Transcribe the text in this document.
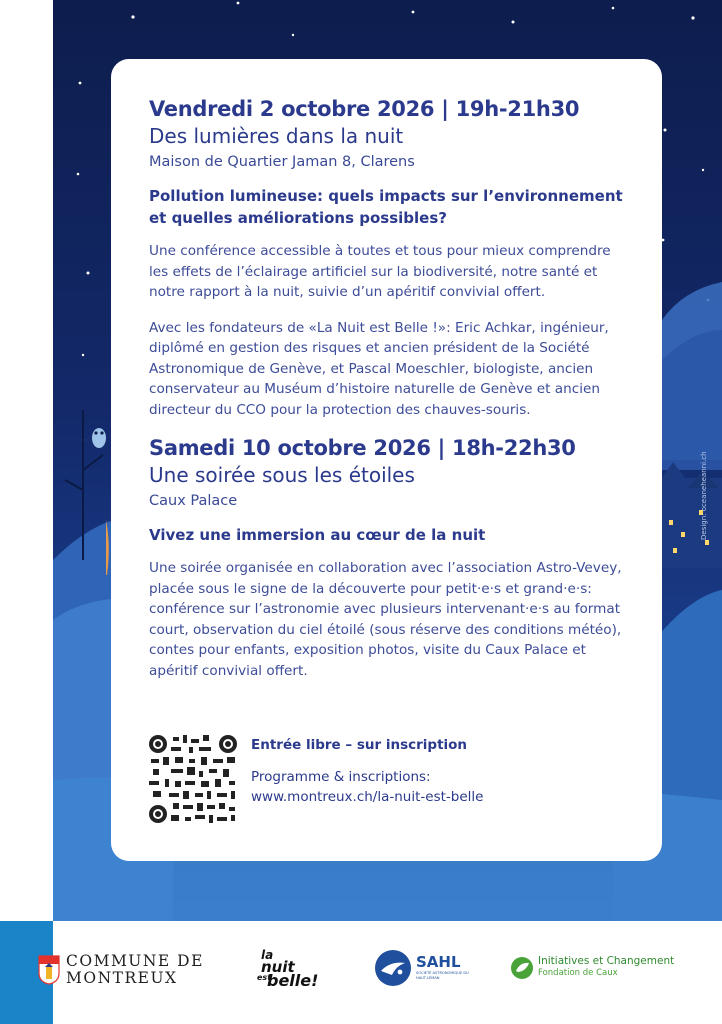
Design: oceaneheanni.ch
Vendredi 2 octobre 2026 | 19h-21h30
Des lumières dans la nuit
Maison de Quartier Jaman 8, Clarens
Pollution lumineuse: quels impacts sur l’environnement et quelles améliorations possibles?
Une conférence accessible à toutes et tous pour mieux comprendre les effets de l’éclairage artificiel sur la biodiversité, notre santé et notre rapport à la nuit, suivie d’un apéritif convivial offert.
Avec les fondateurs de «La Nuit est Belle !»: Eric Achkar, ingénieur, diplômé en gestion des risques et ancien président de la Société Astronomique de Genève, et Pascal Moeschler, biologiste, ancien conservateur au Muséum d’histoire naturelle de Genève et ancien directeur du CCO pour la protection des chauves-souris.
Samedi 10 octobre 2026 | 18h-22h30
Une soirée sous les étoiles
Caux Palace
Vivez une immersion au cœur de la nuit
Une soirée organisée en collaboration avec l’association Astro-Vevey, placée sous le signe de la découverte pour petit·e·s et grand·e·s: conférence sur l’astronomie avec plusieurs intervenant·e·s au format court, observation du ciel étoilé (sous réserve des conditions météo), contes pour enfants, exposition photos, visite du Caux Palace et apéritif convivial offert.
Entrée libre – sur inscription
Programme & inscriptions:
www.montreux.ch/la-nuit-est-belle
COMMUNE DE
MONTREUX
la
nuit
est
belle!
SAHL
SOCIÉTÉ ASTRONOMIQUE DU HAUT-LÉMAN
Initiatives et Changement
Fondation de Caux
